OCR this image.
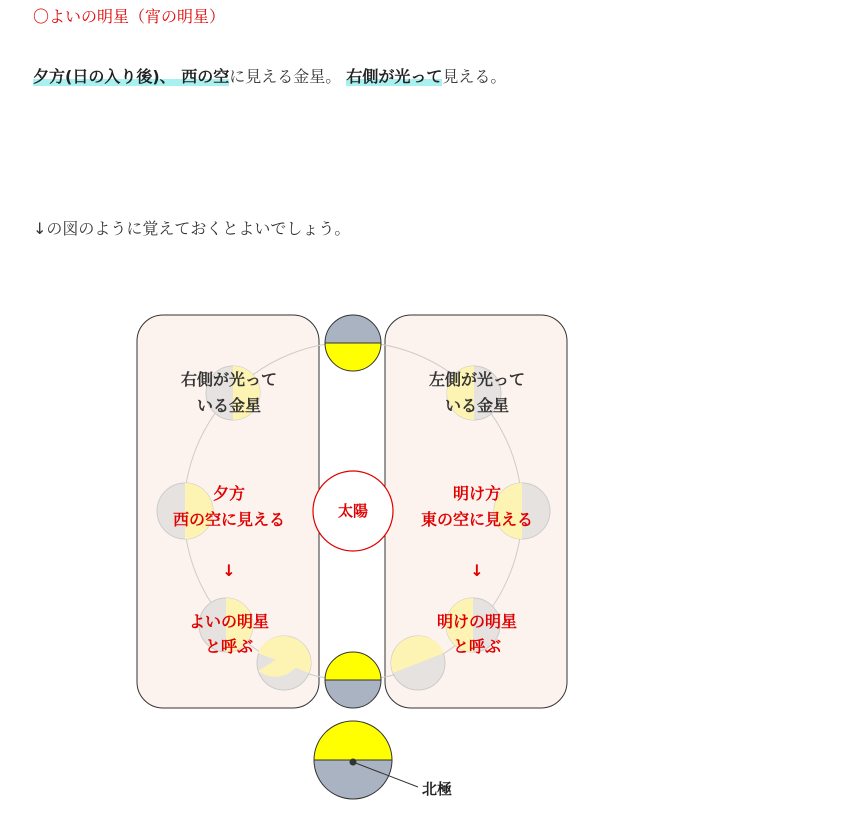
〇よいの明星（宵の明星）
夕方(日の入り後)、 西の空に見える金星。 右側が光って見える。
↓の図のように覚えておくとよいでしょう。
太陽
北極
右側が光って
いる金星
夕方
西の空に見える
↓
よいの明星
と呼ぶ
左側が光って
いる金星
明け方
東の空に見える
↓
明けの明星
と呼ぶ
